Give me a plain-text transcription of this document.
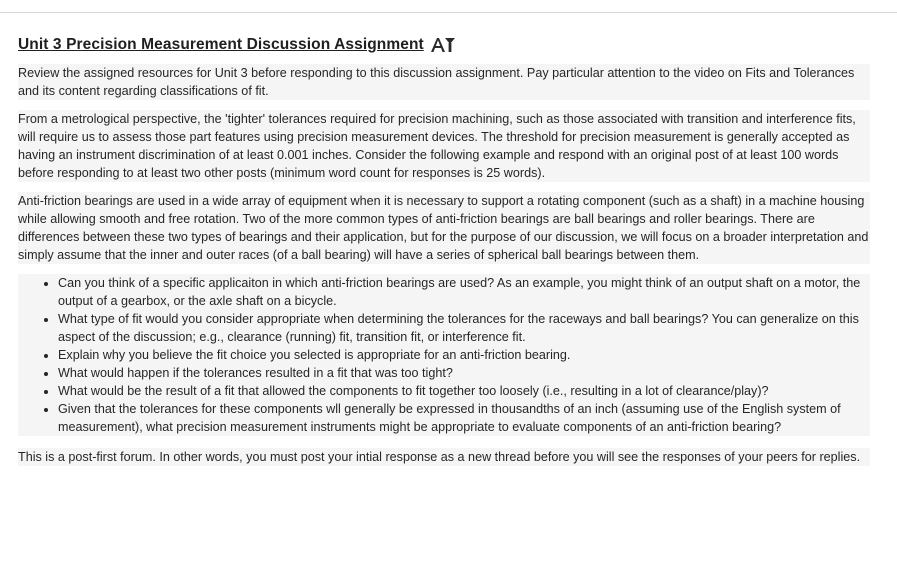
Unit 3 Precision Measurement Discussion Assignment

Review the assigned resources for Unit 3 before responding to this discussion assignment. Pay particular attention to the video on Fits and Tolerances and its content regarding classifications of fit.

From a metrological perspective, the 'tighter' tolerances required for precision machining, such as those associated with transition and interference fits, will require us to assess those part features using precision measurement devices. The threshold for precision measurement is generally accepted as having an instrument discrimination of at least 0.001 inches. Consider the following example and respond with an original post of at least 100 words before responding to at least two other posts (minimum word count for responses is 25 words).

Anti-friction bearings are used in a wide array of equipment when it is necessary to support a rotating component (such as a shaft) in a machine housing while allowing smooth and free rotation. Two of the more common types of anti-friction bearings are ball bearings and roller bearings. There are differences between these two types of bearings and their application, but for the purpose of our discussion, we will focus on a broader interpretation and simply assume that the inner and outer races (of a ball bearing) will have a series of spherical ball bearings between them.

• Can you think of a specific applicaiton in which anti-friction bearings are used? As an example, you might think of an output shaft on a motor, the output of a gearbox, or the axle shaft on a bicycle.
• What type of fit would you consider appropriate when determining the tolerances for the raceways and ball bearings? You can generalize on this aspect of the discussion; e.g., clearance (running) fit, transition fit, or interference fit.
• Explain why you believe the fit choice you selected is appropriate for an anti-friction bearing.
• What would happen if the tolerances resulted in a fit that was too tight?
• What would be the result of a fit that allowed the components to fit together too loosely (i.e., resulting in a lot of clearance/play)?
• Given that the tolerances for these components wll generally be expressed in thousandths of an inch (assuming use of the English system of measurement), what precision measurement instruments might be appropriate to evaluate components of an anti-friction bearing?

This is a post-first forum. In other words, you must post your intial response as a new thread before you will see the responses of your peers for replies.
